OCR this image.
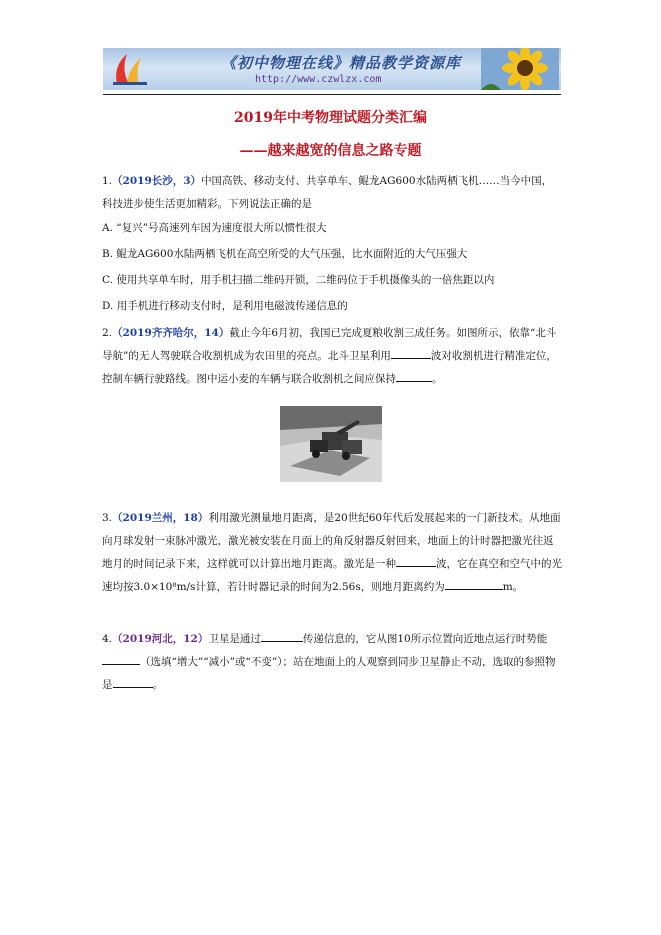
《初中物理在线》精品教学资源库
http://www.czwlzx.com
2019年中考物理试题分类汇编
——越来越宽的信息之路专题
1.（2019长沙，3）中国高铁、移动支付、共享单车、鲲龙AG600水陆两栖飞机……当今中国，科技进步使生活更加精彩。下列说法正确的是
A. “复兴”号高速列车因为速度很大所以惯性很大
B. 鲲龙AG600水陆两栖飞机在高空所受的大气压强，比水面附近的大气压强大
C. 使用共享单车时，用手机扫描二维码开锁，二维码位于手机摄像头的一倍焦距以内
D. 用手机进行移动支付时，是利用电磁波传递信息的
2.（2019齐齐哈尔，14）截止今年6月初，我国已完成夏粮收割三成任务。如图所示，依靠“北斗导航”的无人驾驶联合收割机成为农田里的亮点。北斗卫星利用	波对收割机进行精准定位，控制车辆行驶路线。图中运小麦的车辆与联合收割机之间应保持	。
3.（2019兰州，18）利用激光测量地月距离，是20世纪60年代后发展起来的一门新技术。从地面向月球发射一束脉冲激光，激光被安装在月面上的角反射器反射回来，地面上的计时器把激光往返地月的时间记录下来，这样就可以计算出地月距离。激光是一种	波，它在真空和空气中的光速均按3.0×10⁸m/s计算，若计时器记录的时间为2.56s，则地月距离约为	m。
4.（2019河北，12）卫星是通过	传递信息的，它从图10所示位置向近地点运行时势能（选填“增大”“减小”或“不变”）；站在地面上的人观察到同步卫星静止不动，选取的参照物是	。
